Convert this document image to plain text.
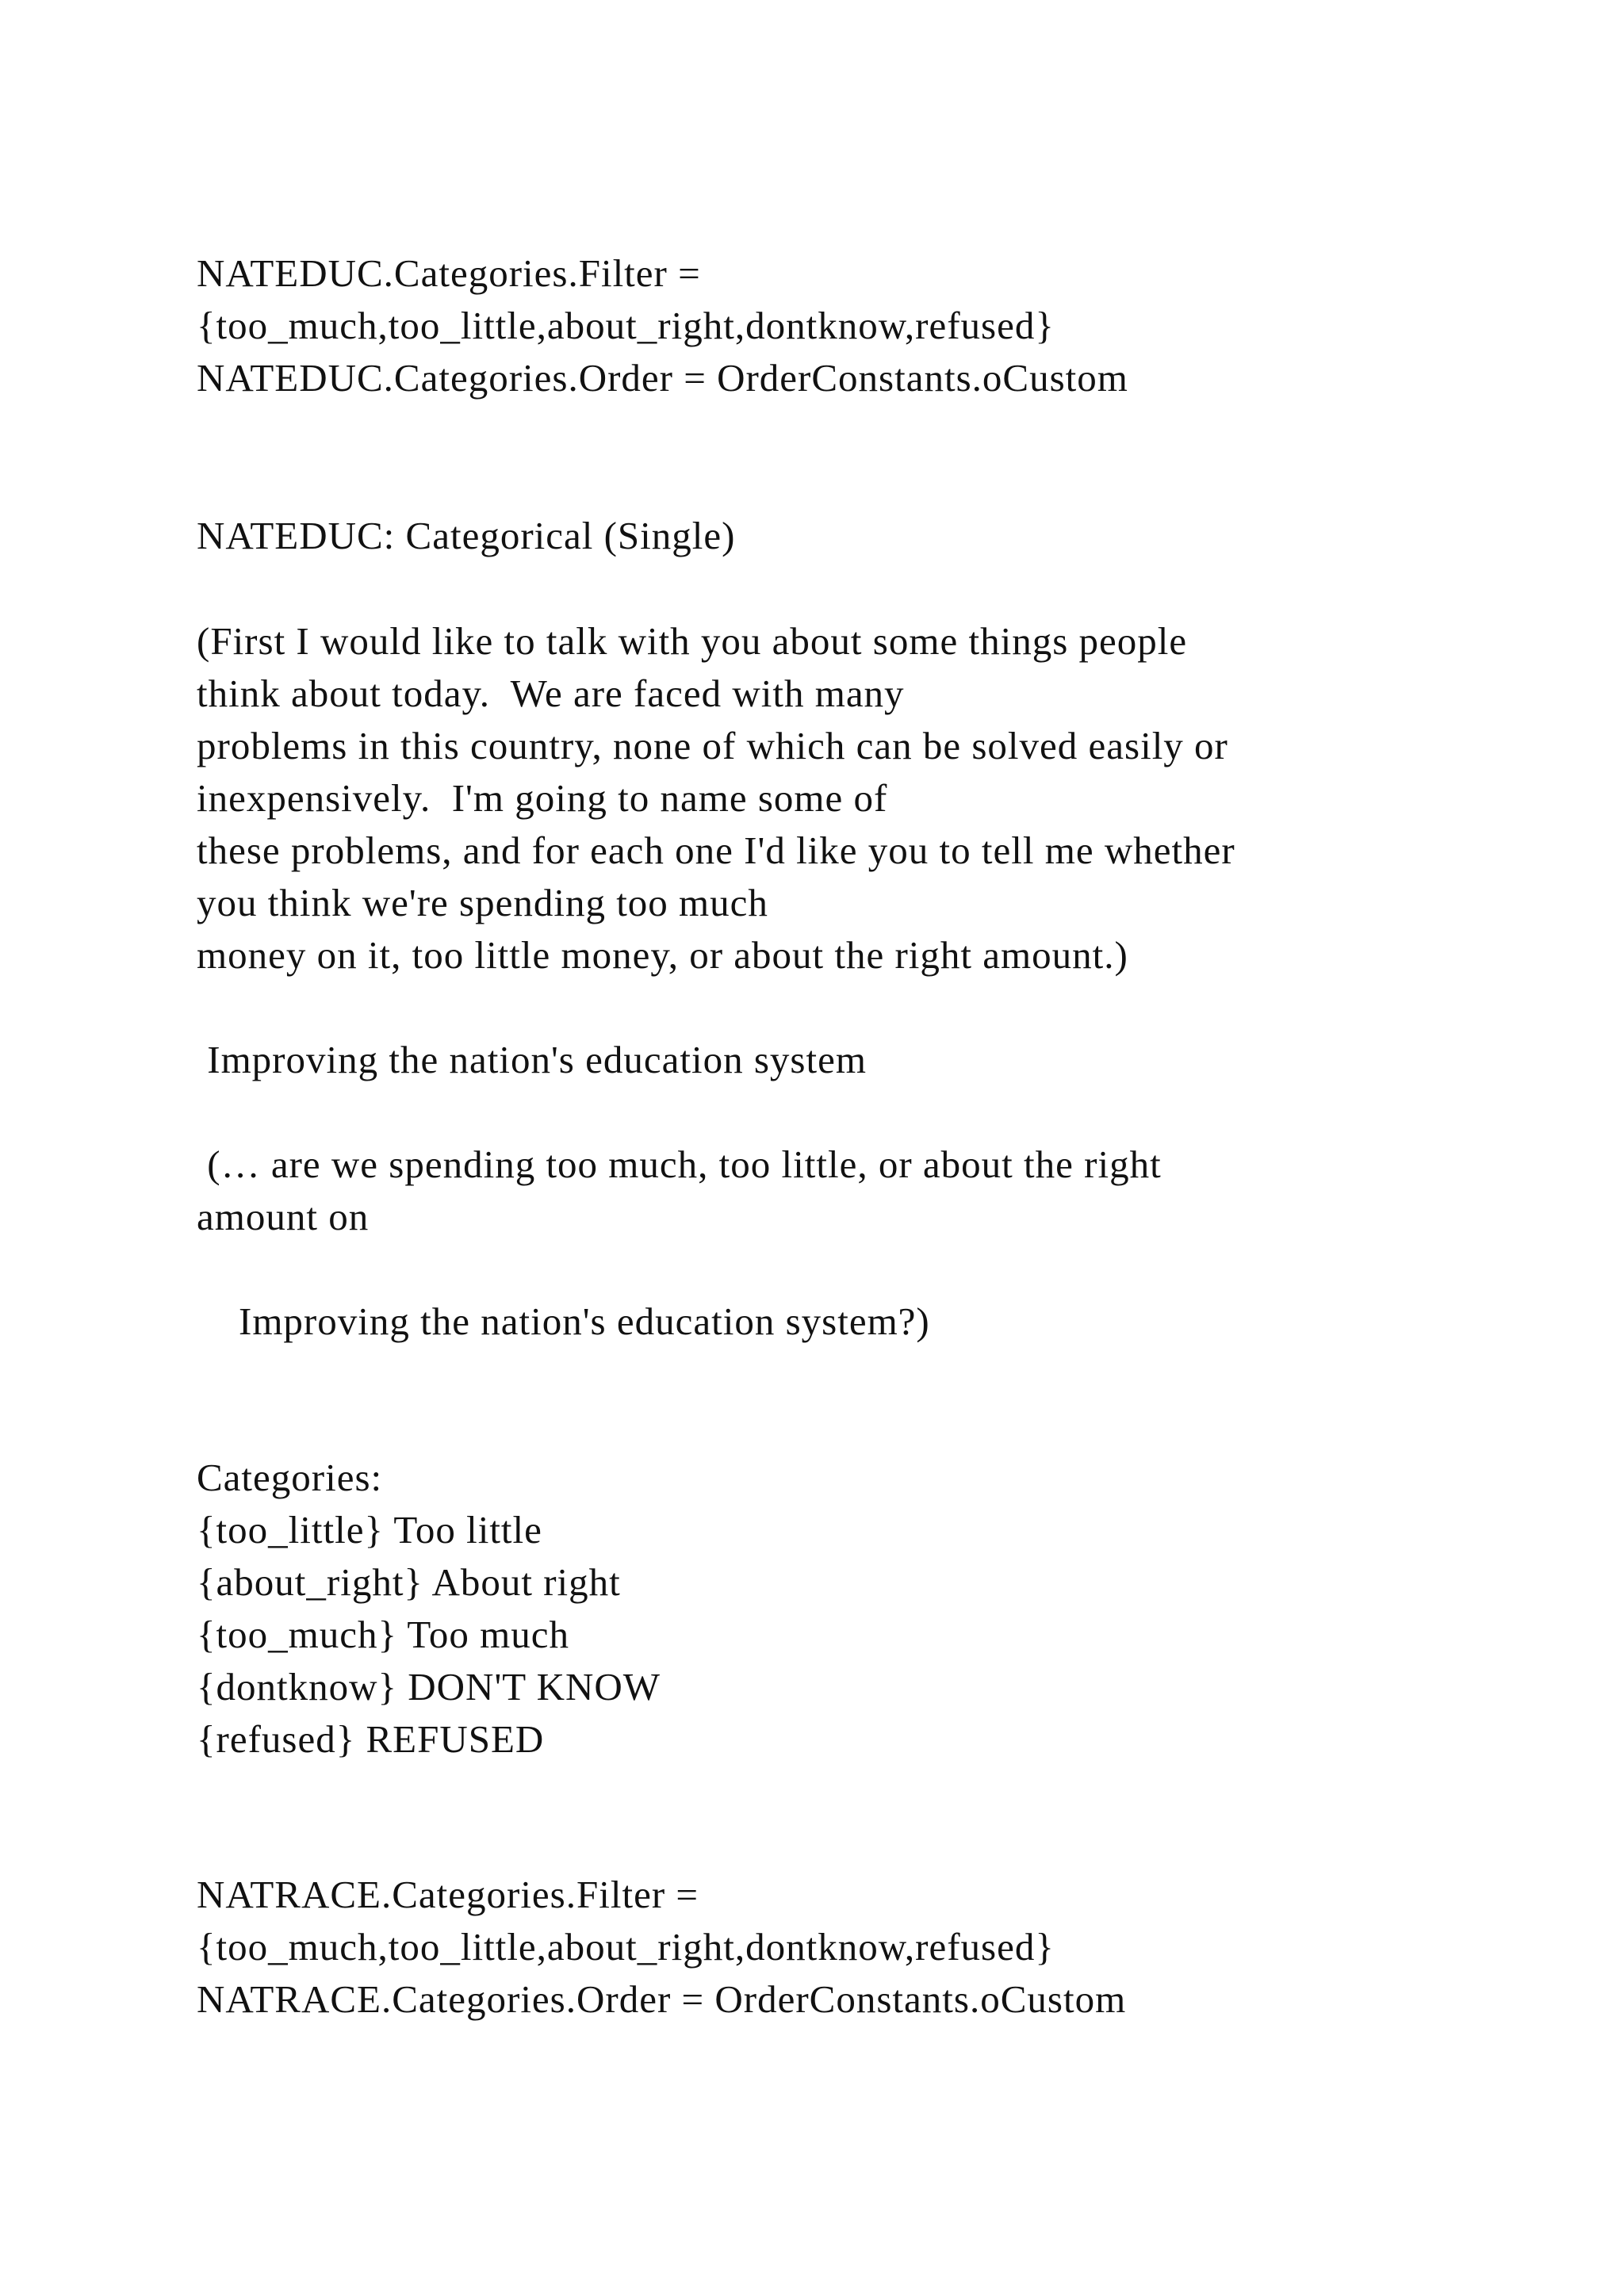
NATEDUC.Categories.Filter =

{too_much,too_little,about_right,dontknow,refused}

NATEDUC.Categories.Order = OrderConstants.oCustom

NATEDUC: Categorical (Single)

(First I would like to talk with you about some things people

think about today.  We are faced with many

problems in this country, none of which can be solved easily or

inexpensively.  I'm going to name some of

these problems, and for each one I'd like you to tell me whether

you think we're spending too much

money on it, too little money, or about the right amount.)

Improving the nation's education system

(… are we spending too much, too little, or about the right

amount on

Improving the nation's education system?)

Categories:

{too_little} Too little

{about_right} About right

{too_much} Too much

{dontknow} DON'T KNOW

{refused} REFUSED

NATRACE.Categories.Filter =

{too_much,too_little,about_right,dontknow,refused}

NATRACE.Categories.Order = OrderConstants.oCustom
